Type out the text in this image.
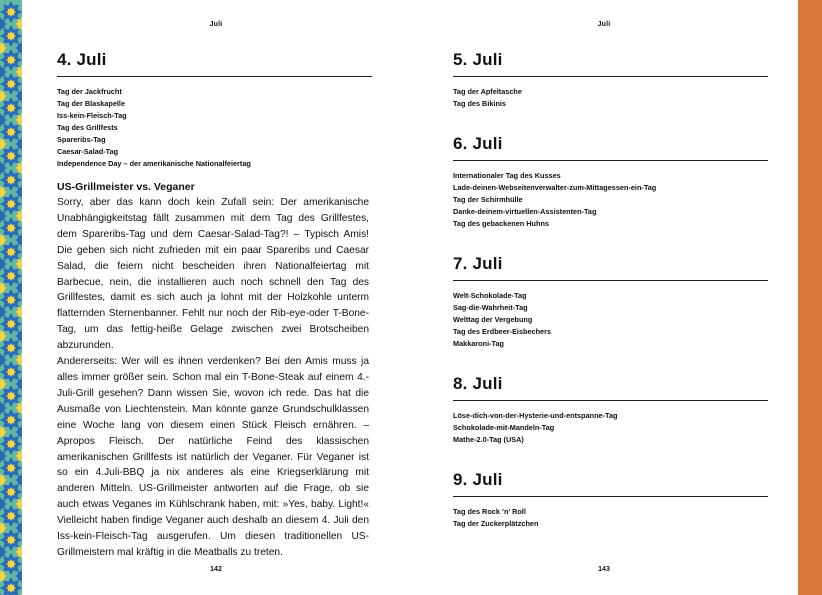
Juli
4. Juli
Tag der Jackfrucht
Tag der Blaskapelle
Iss-kein-Fleisch-Tag
Tag des Grillfests
Spareribs-Tag
Caesar-Salad-Tag
Independence Day – der amerikanische Nationalfeiertag
US-Grillmeister vs. Veganer

Sorry, aber das kann doch kein Zufall sein: Der amerikanische Unabhängigkeitstag fällt zusammen mit dem Tag des Grillfestes, dem Spareribs-Tag und dem Caesar-Salad-Tag?! – Typisch Amis! Die geben sich nicht zufrieden mit ein paar Spareribs und Caesar Salad, die feiern nicht bescheiden ihren Nationalfeiertag mit Barbecue, nein, die installieren auch noch schnell den Tag des Grillfestes, damit es sich auch ja lohnt mit der Holzkohle unterm flatternden Sternenbanner. Fehlt nur noch der Rib-eye-oder T-Bone-Tag, um das fettig-heiße Gelage zwischen zwei Brotscheiben abzurunden.

Andererseits: Wer will es ihnen verdenken? Bei den Amis muss ja alles immer größer sein. Schon mal ein T-Bone-Steak auf einem 4.-Juli-Grill gesehen? Dann wissen Sie, wovon ich rede. Das hat die Ausmaße von Liechtenstein. Man könnte ganze Grundschulklassen eine Woche lang von diesem einen Stück Fleisch ernähren. – Apropos Fleisch. Der natürliche Feind des klassischen amerikanischen Grillfests ist natürlich der Veganer. Für Veganer ist so ein 4.Juli-BBQ ja nix anderes als eine Kriegserklärung mit anderen Mitteln. US-Grillmeister antworten auf die Frage, ob sie auch etwas Veganes im Kühlschrank haben, mit: »Yes, baby. Light!« Vielleicht haben findige Veganer auch deshalb an diesem 4. Juli den Iss-kein-Fleisch-Tag ausgerufen. Um diesen traditionellen US-Grillmeistern mal kräftig in die Meatballs zu treten.

142
Juli
5. Juli
Tag der Apfeltasche
Tag des Bikinis
6. Juli
Internationaler Tag des Kusses
Lade-deinen-Webseitenverwalter-zum-Mittagessen-ein-Tag
Tag der Schirmhülle
Danke-deinem-virtuellen-Assistenten-Tag
Tag des gebackenen Huhns
7. Juli
Welt-Schokolade-Tag
Sag-die-Wahrheit-Tag
Welttag der Vergebung
Tag des Erdbeer-Eisbechers
Makkaroni-Tag
8. Juli
Löse-dich-von-der-Hysterie-und-entspanne-Tag
Schokolade-mit-Mandeln-Tag
Mathe-2.0-Tag (USA)
9. Juli
Tag des Rock ’n’ Roll
Tag der Zuckerplätzchen
143
